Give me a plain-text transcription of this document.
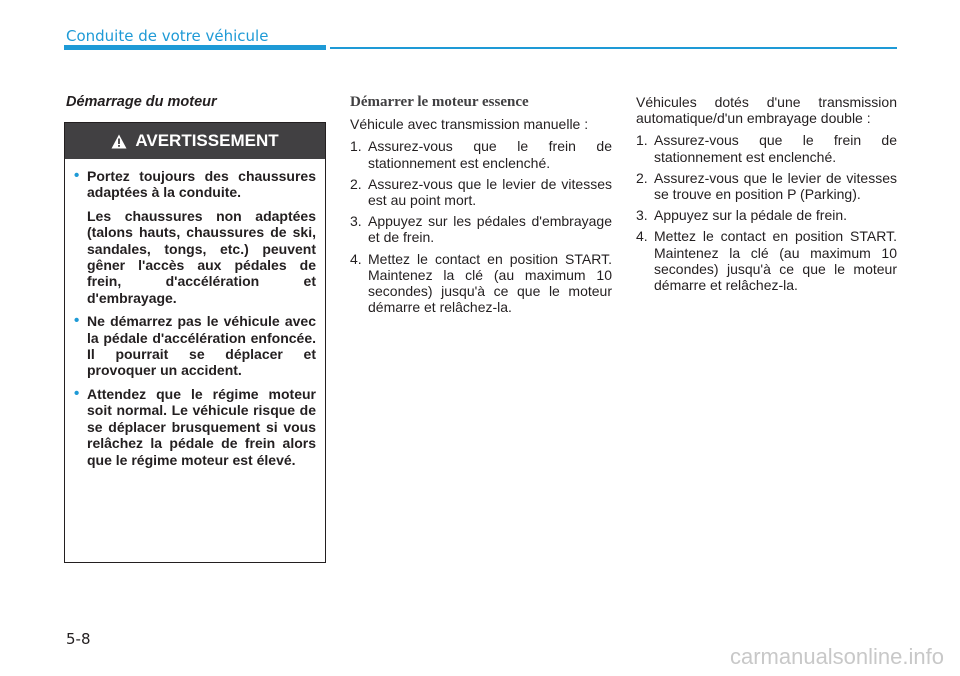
Conduite de votre véhicule
Démarrage du moteur
AVERTISSEMENT

• Portez toujours des chaussures adaptées à la conduite.

Les chaussures non adaptées (talons hauts, chaussures de ski, sandales, tongs, etc.) peuvent gêner l'accès aux pédales de frein, d'accélération et d'embrayage.

• Ne démarrez pas le véhicule avec la pédale d'accélération enfoncée. Il pourrait se déplacer et provoquer un accident.

• Attendez que le régime moteur soit normal. Le véhicule risque de se déplacer brusquement si vous relâchez la pédale de frein alors que le régime moteur est élevé.

Démarrer le moteur essence
Véhicule avec transmission manuelle :
1. Assurez-vous que le frein de stationnement est enclenché.
2. Assurez-vous que le levier de vitesses est au point mort.
3. Appuyez sur les pédales d'embrayage et de frein.
4. Mettez le contact en position START. Maintenez la clé (au maximum 10 secondes) jusqu'à ce que le moteur démarre et relâchez-la.
Véhicules dotés d'une transmission automatique/d'un embrayage double :
1. Assurez-vous que le frein de stationnement est enclenché.
2. Assurez-vous que le levier de vitesses se trouve en position P (Parking).
3. Appuyez sur la pédale de frein.
4. Mettez le contact en position START. Maintenez la clé (au maximum 10 secondes) jusqu'à ce que le moteur démarre et relâchez-la.
5-8
carmanualsonline.info
